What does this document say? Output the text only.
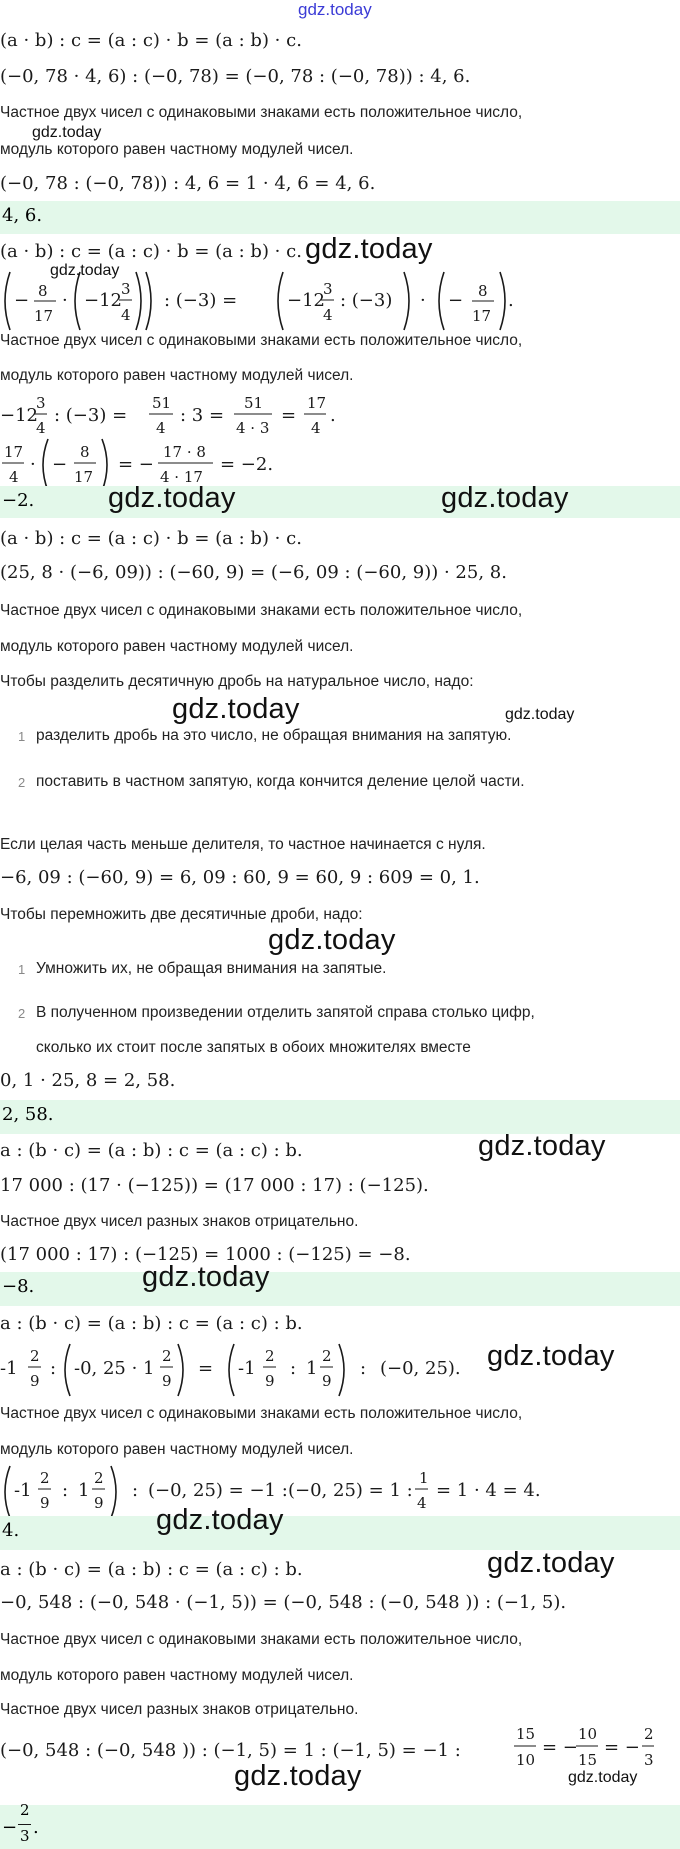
gdz.today
(a · b) : c = (a : c) · b = (a : b) · c.
(−0, 78 · 4, 6) : (−0, 78) = (−0, 78 : (−0, 78)) : 4, 6.
Частное двух чисел с одинаковыми знаками есть положительное число,
gdz.today
модуль которого равен частному модулей чисел.
(−0, 78 : (−0, 78)) : 4, 6 = 1 · 4, 6 = 4, 6.
4, 6.
(a · b) : c = (a : c) · b = (a : b) · c.
gdz.today
gdz.today
− 8
17
· −12
3
4
: (−3) =	−12
3
4
: (−3) · − 8
17
.
Частное двух чисел с одинаковыми знаками есть положительное число,
модуль которого равен частному модулей чисел.
−12
3
4
: (−3) =
51
4
: 3 =
51
4 · 3
=
17
4
.
17
4
· −
8
17
= −
17 · 8
4 · 17
= −2.
−2.	gdz.today	gdz.today
(a · b) : c = (a : c) · b = (a : b) · c.
(25, 8 · (−6, 09)) : (−60, 9) = (−6, 09 : (−60, 9)) · 25, 8.
Частное двух чисел с одинаковыми знаками есть положительное число,
модуль которого равен частному модулей чисел.
Чтобы разделить десятичную дробь на натуральное число, надо:
gdz.today	gdz.today
1 разделить дробь на это число, не обращая внимания на запятую.
2 поставить в частном запятую, когда кончится деление целой части.
Если целая часть меньше делителя, то частное начинается с нуля.
−6, 09 : (−60, 9) = 6, 09 : 60, 9 = 60, 9 : 609 = 0, 1.
Чтобы перемножить две десятичные дроби, надо:
gdz.today
1 Умножить их, не обращая внимания на запятые.
2 В полученном произведении отделить запятой справа столько цифр,
сколько их стоит после запятых в обоих множителях вместе
0, 1 · 25, 8 = 2, 58.
2, 58.
a : (b · c) = (a : b) : c = (a : c) : b.	gdz.today
17 000 : (17 · (−125)) = (17 000 : 17) : (−125).
Частное двух чисел разных знаков отрицательно.
(17 000 : 17) : (−125) = 1000 : (−125) = −8.
−8.	gdz.today
a : (b · c) = (a : b) : c = (a : c) : b.
-1
2
9
: -0, 25 · 1
2
9
= -1
2
9
: 1
2
9
: (−0, 25). gdz.today
Частное двух чисел с одинаковыми знаками есть положительное число,
модуль которого равен частному модулей чисел.
-1
2
9
: 1
2
9
: (−0, 25) = −1 : (−0, 25) = 1 :
1
4
= 1 · 4 = 4.
4.	gdz.today
a : (b · c) = (a : b) : c = (a : c) : b.	gdz.today
−0, 548 : (−0, 548 · (−1, 5)) = (−0, 548 : (−0, 548 )) : (−1, 5).
Частное двух чисел с одинаковыми знаками есть положительное число,
модуль которого равен частному модулей чисел.
Частное двух чисел разных знаков отрицательно.
(−0, 548 : (−0, 548 )) : (−1, 5) = 1 : (−1, 5) = −1 :
15
10
= −
10
15
= −
2
3
gdz.today	gdz.today
−
2
3 .
